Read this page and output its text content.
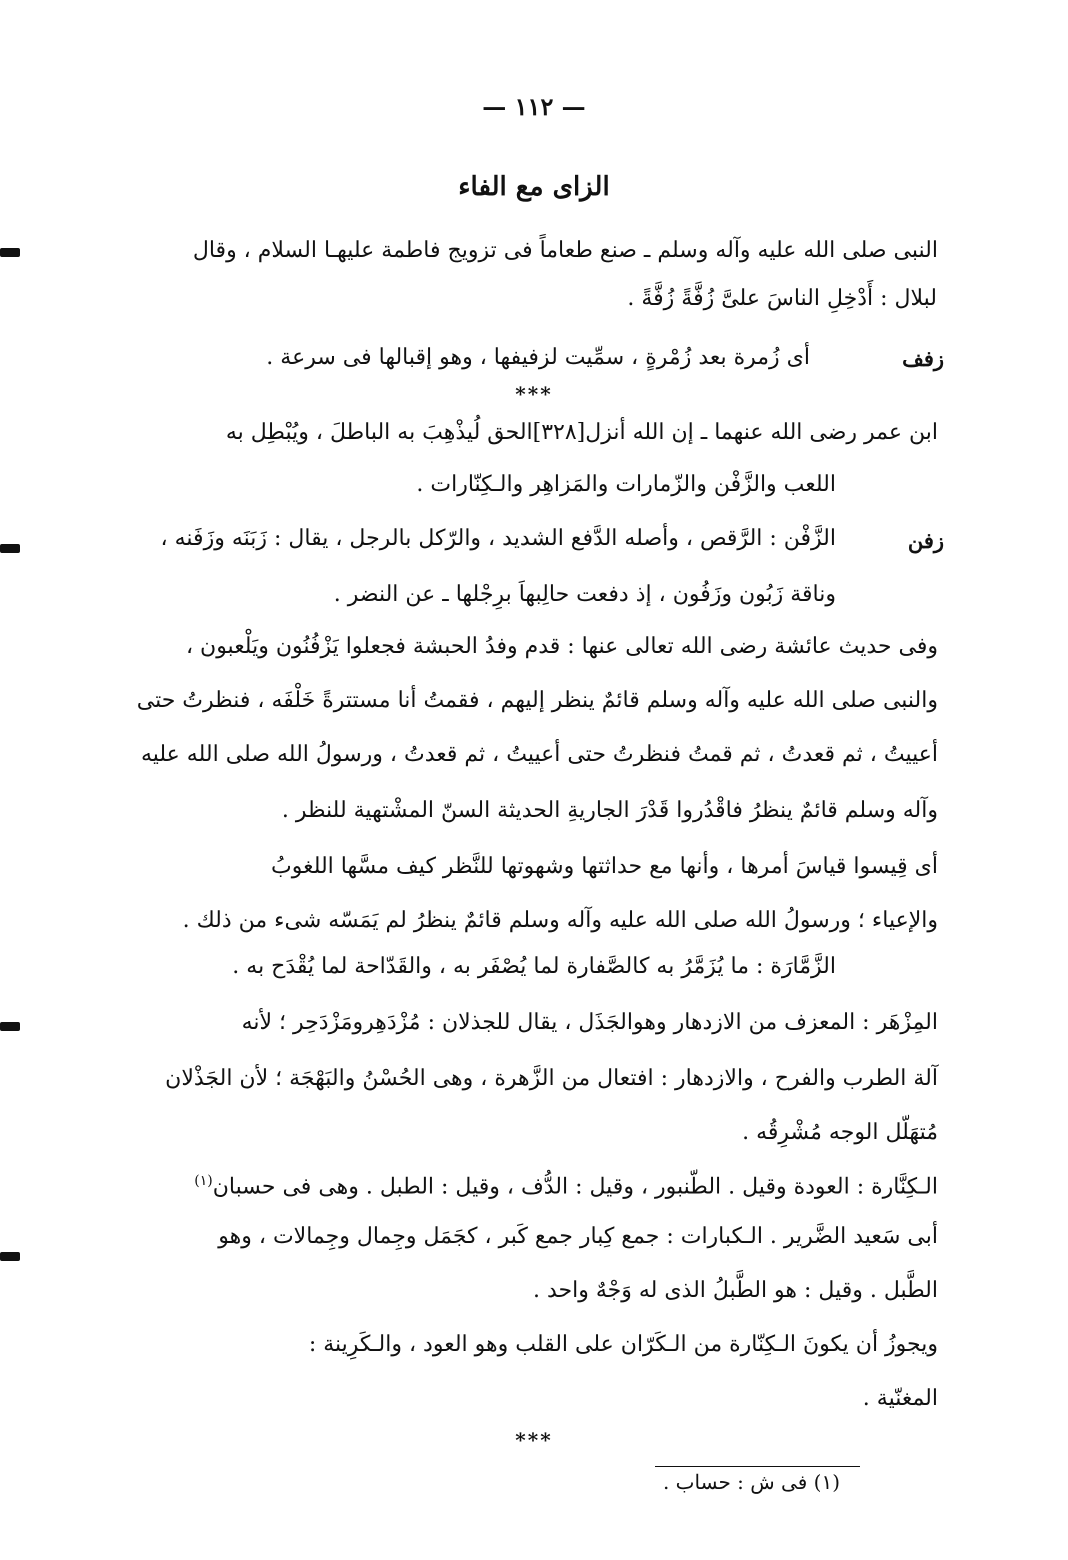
— ١١٢ —
الزاى مع الفاء
النبى صلى الله عليه وآله وسلم ـ صنع طعاماً فى تزويج فاطمة عليهـا السلام ، وقال
لبلال : أَدْخِلِ الناسَ علىَّ زُفَّةً زُفَّةً .
زفف
أى زُمرة بعد زُمْرةٍ ، سمِّيت لزفيفها ، وهو إقبالها فى سرعة .
***
ابن عمر رضى الله عنهما ـ إن الله أنزل[٣٢٨]الحق لُيذْهِبَ به الباطلَ ، ويُبْطِل به
اللعب والزَّفْن والزّمارات والمَزاهِر والـكِنّارات .
زفن
الزَّفْن : الرَّقص ، وأصله الدَّفع الشديد ، والرّكل بالرجل ، يقال : زَبَنَه وزَفَنه ،
وناقة زَبُون وزَفُون ، إذ دفعت حالِبهاَ برِجْلها ـ عن النضر .
وفى حديث عائشة رضى الله تعالى عنها : قدم وفدُ الحبشة فجعلوا يَزْفُنُون ويَلْعبون ،
والنبى صلى الله عليه وآله وسلم قائمٌ ينظر إليهم ، فقمتُ أنا مستترةً خَلْفَه ، فنظرتُ حتى
أعييتُ ، ثم قعدتُ ، ثم قمتُ فنظرتُ حتى أعييتُ ، ثم قعدتُ ، ورسولُ الله صلى الله عليه
وآله وسلم قائمٌ ينظرُ فاقْدُروا قَدْرَ الجاريةِ الحديثة السنّ المشْتهية للنظر .
أى قِيسوا قياسَ أمرها ، وأنها مع حداثتها وشهوتها للنَّظر كيف مسَّها اللغوبُ
والإعياء ؛ ورسولُ الله صلى الله عليه وآله وسلم قائمٌ ينظرُ لم يَمَسّه شىء من ذلك .
الزَّمَّارَة : ما يُزَمَّرُ به كالصَّفارة لما يُصْفَر به ، والقَدّاحة لما يُقْدَح به .
المِزْهَر : المعزف من الازدهار وهوالجَذَل ، يقال للجذلان : مُزْدَهِرومَزْدَحِر ؛ لأنه
آلة الطرب والفرح ، والازدهار : افتعال من الزَّهرة ، وهى الحُسْنُ والبَهْجَة ؛ لأن الجَذْلان
مُتهَلّل الوجه مُشْرِقُه .
الـكِنَّارة : العودة وقيل . الطّنبور ، وقيل : الدُّف ، وقيل : الطبل . وهى فى حسبان$^{(١)}$
أبى سَعيد الضَّرير . الـكبارات : جمع كِبار جمع كَبر ، كجَمَل وجِمال وجِمالات ، وهو
الطَّبل . وقيل : هو الطَّبلُ الذى له وَجْهٌ واحد .
ويجوزُ أن يكونَ الـكِنّارة من الـكَرّان على القلب وهو العود ، والـكَرِينة :
المغنّية .
***
(١) فى ش : حساب .
